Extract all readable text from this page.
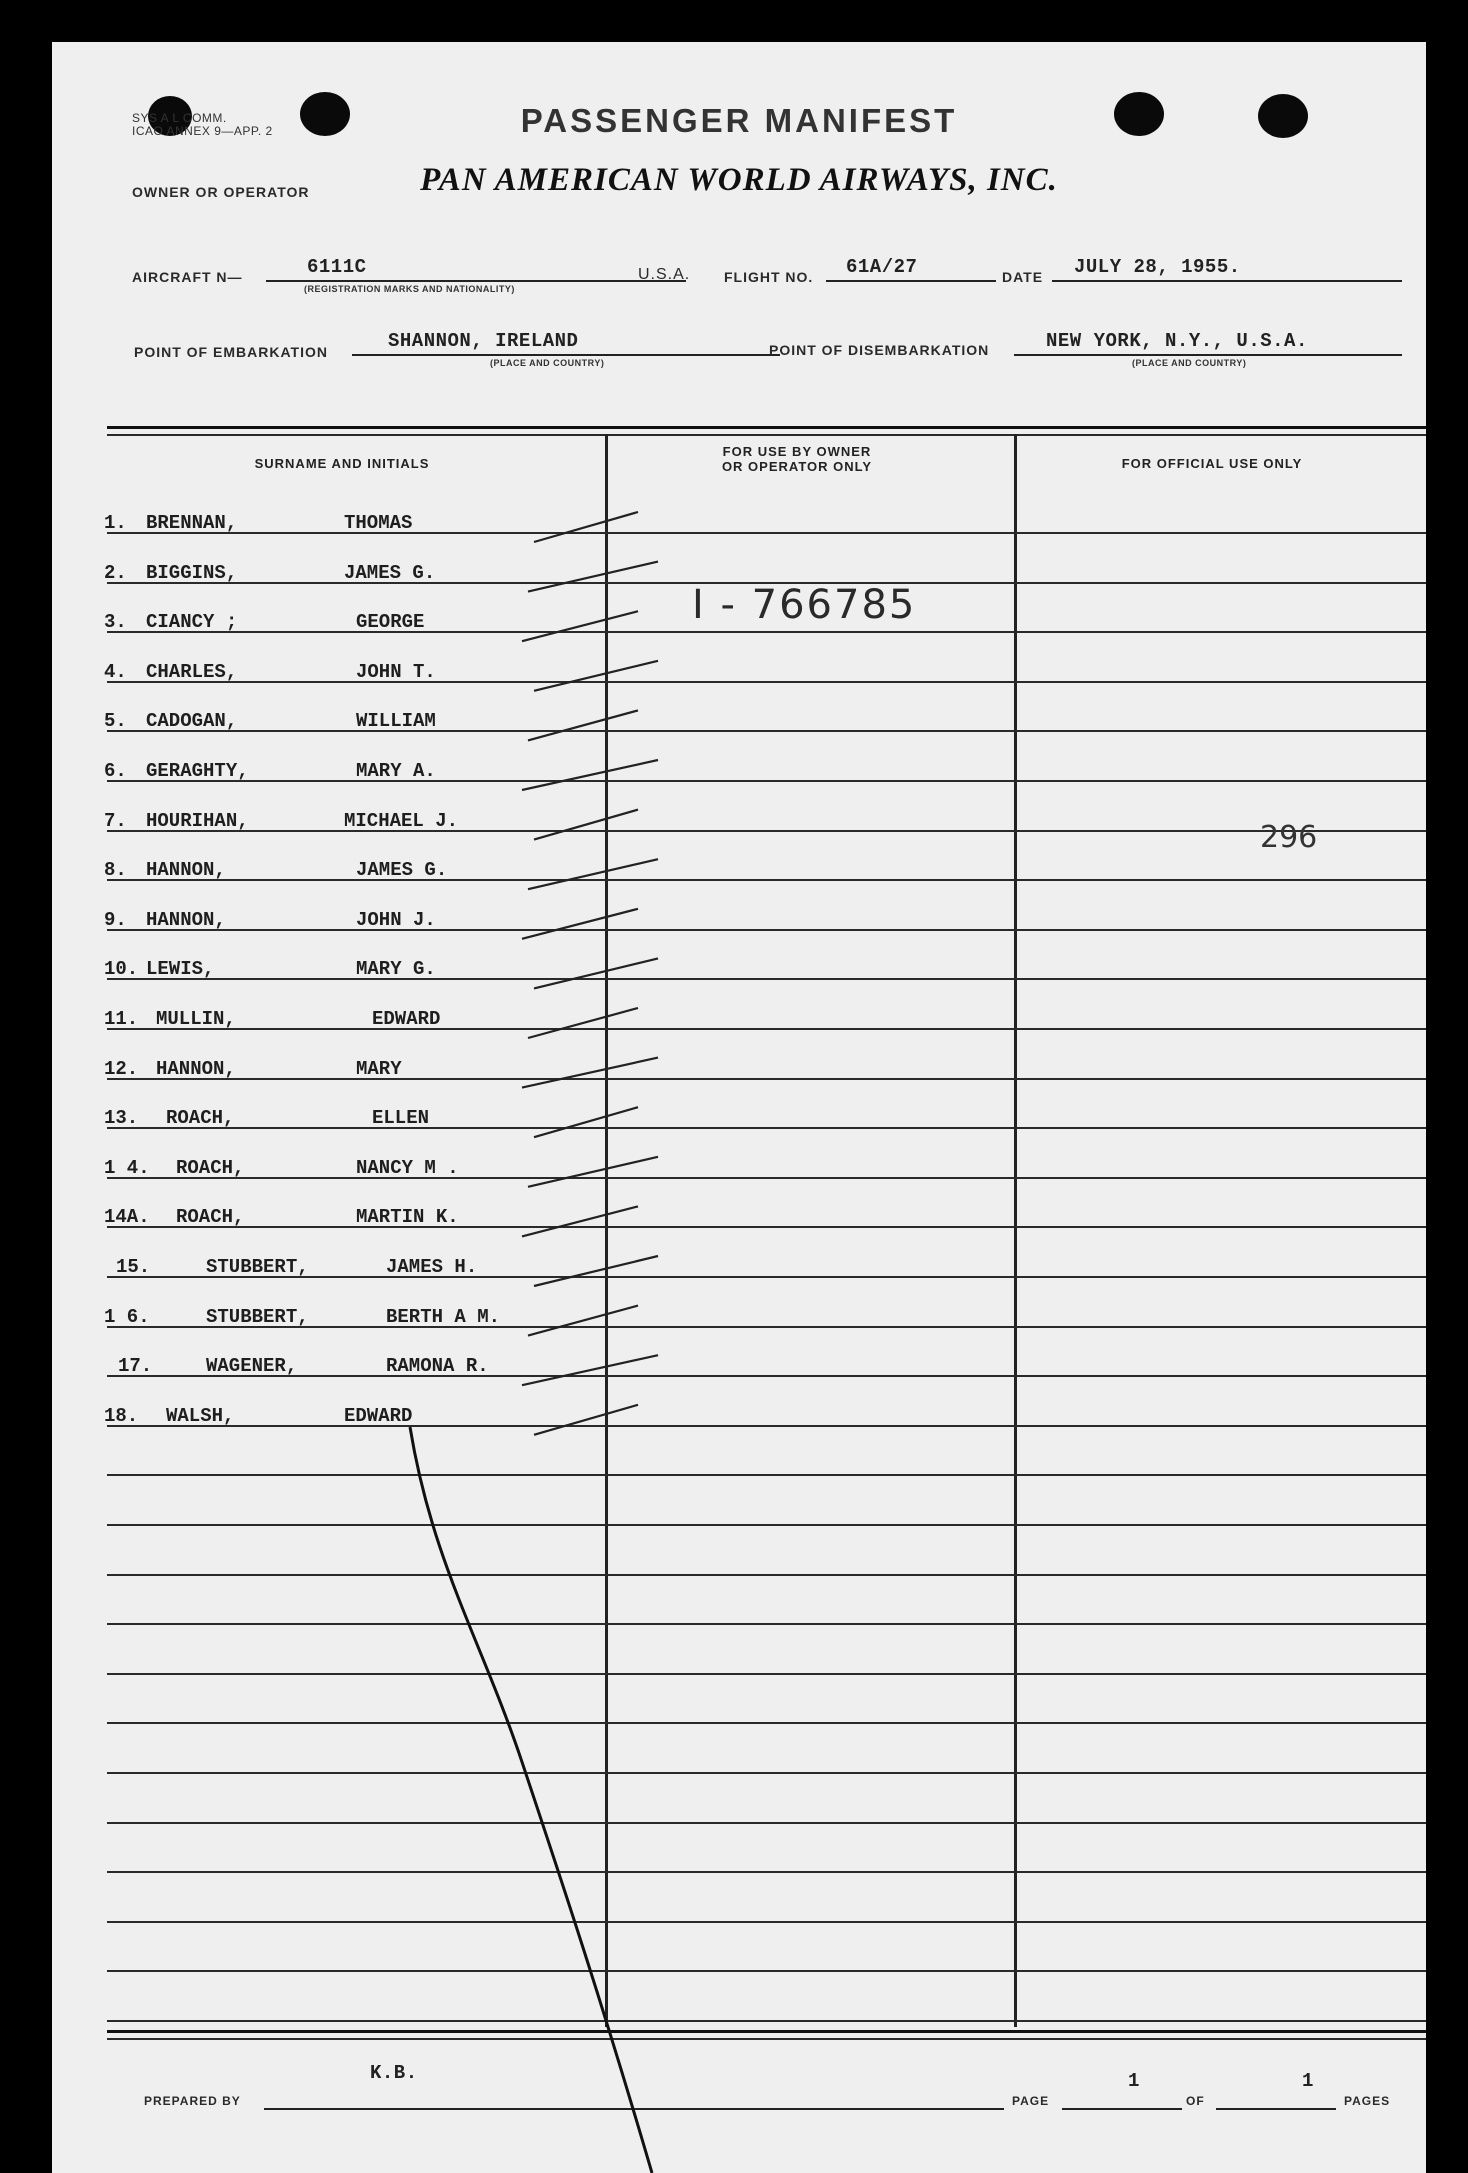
SYS A L COMM.
ICAO ANNEX 9—APP. 2	PASSENGER MANIFEST
OWNER OR OPERATOR	PAN AMERICAN WORLD AIRWAYS, INC.
AIRCRAFT N—	6111C
(REGISTRATION MARKS AND NATIONALITY)
U.S.A. FLIGHT NO. 61A/27	DATE JULY 28, 1955.
POINT OF EMBARKATION	SHANNON, IRELAND
(PLACE AND COUNTRY)
POINT OF DISEMBARKATION	NEW YORK, N.Y., U.S.A.
(PLACE AND COUNTRY)
SURNAME AND INITIALS
FOR USE BY OWNER
OR OPERATOR ONLY	FOR OFFICIAL USE ONLY
1. BRENNAN,	THOMAS
2. BIGGINS,	JAMES G.
3. CIANCY ;	GEORGE
4. CHARLES,	JOHN T.
5. CADOGAN,	WILLIAM
6. GERAGHTY,	MARY A.
7. HOURIHAN,	MICHAEL J.
8. HANNON,	JAMES G.
9. HANNON,	JOHN J.
10. LEWIS,	MARY G.
11. MULLIN,	EDWARD
12. HANNON,	MARY
13. ROACH,	ELLEN
1 4. ROACH,	NANCY M .
14A. ROACH,	MARTIN K.
15.	STUBBERT,	JAMES H.
1 6.	STUBBERT,	BERTH A M.
17.	WAGENER,	RAMONA R.
18. WALSH,	EDWARD
I - 766785
296
PREPARED BY
K.B.
PAGE
1
OF
1
PAGES
